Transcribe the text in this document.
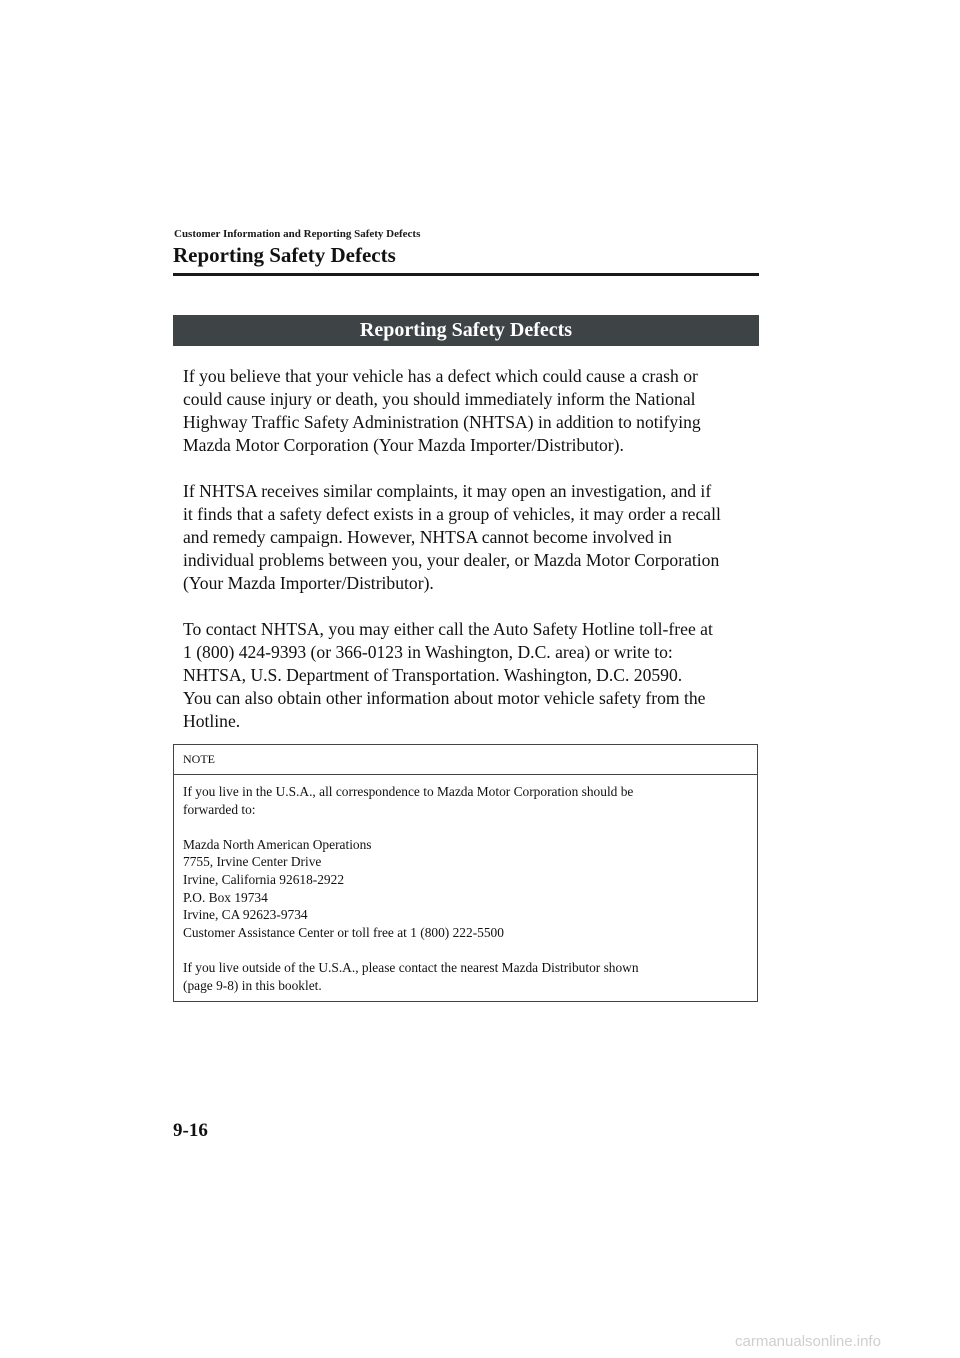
Customer Information and Reporting Safety Defects
Reporting Safety Defects
Reporting Safety Defects

If you believe that your vehicle has a defect which could cause a crash or
could cause injury or death, you should immediately inform the National
Highway Traffic Safety Administration (NHTSA) in addition to notifying
Mazda Motor Corporation (Your Mazda Importer/Distributor).

If NHTSA receives similar complaints, it may open an investigation, and if
it finds that a safety defect exists in a group of vehicles, it may order a recall
and remedy campaign. However, NHTSA cannot become involved in
individual problems between you, your dealer, or Mazda Motor Corporation
(Your Mazda Importer/Distributor).

To contact NHTSA, you may either call the Auto Safety Hotline toll-free at
1 (800) 424-9393 (or 366-0123 in Washington, D.C. area) or write to:
NHTSA, U.S. Department of Transportation. Washington, D.C. 20590.
You can also obtain other information about motor vehicle safety from the
Hotline.

NOTE

If you live in the U.S.A., all correspondence to Mazda Motor Corporation should be
forwarded to:

Mazda North American Operations
7755, Irvine Center Drive
Irvine, California 92618-2922
P.O. Box 19734
Irvine, CA 92623-9734
Customer Assistance Center or toll free at 1 (800) 222-5500

If you live outside of the U.S.A., please contact the nearest Mazda Distributor shown
(page 9-8) in this booklet.

9-16
carmanualsonline.info
